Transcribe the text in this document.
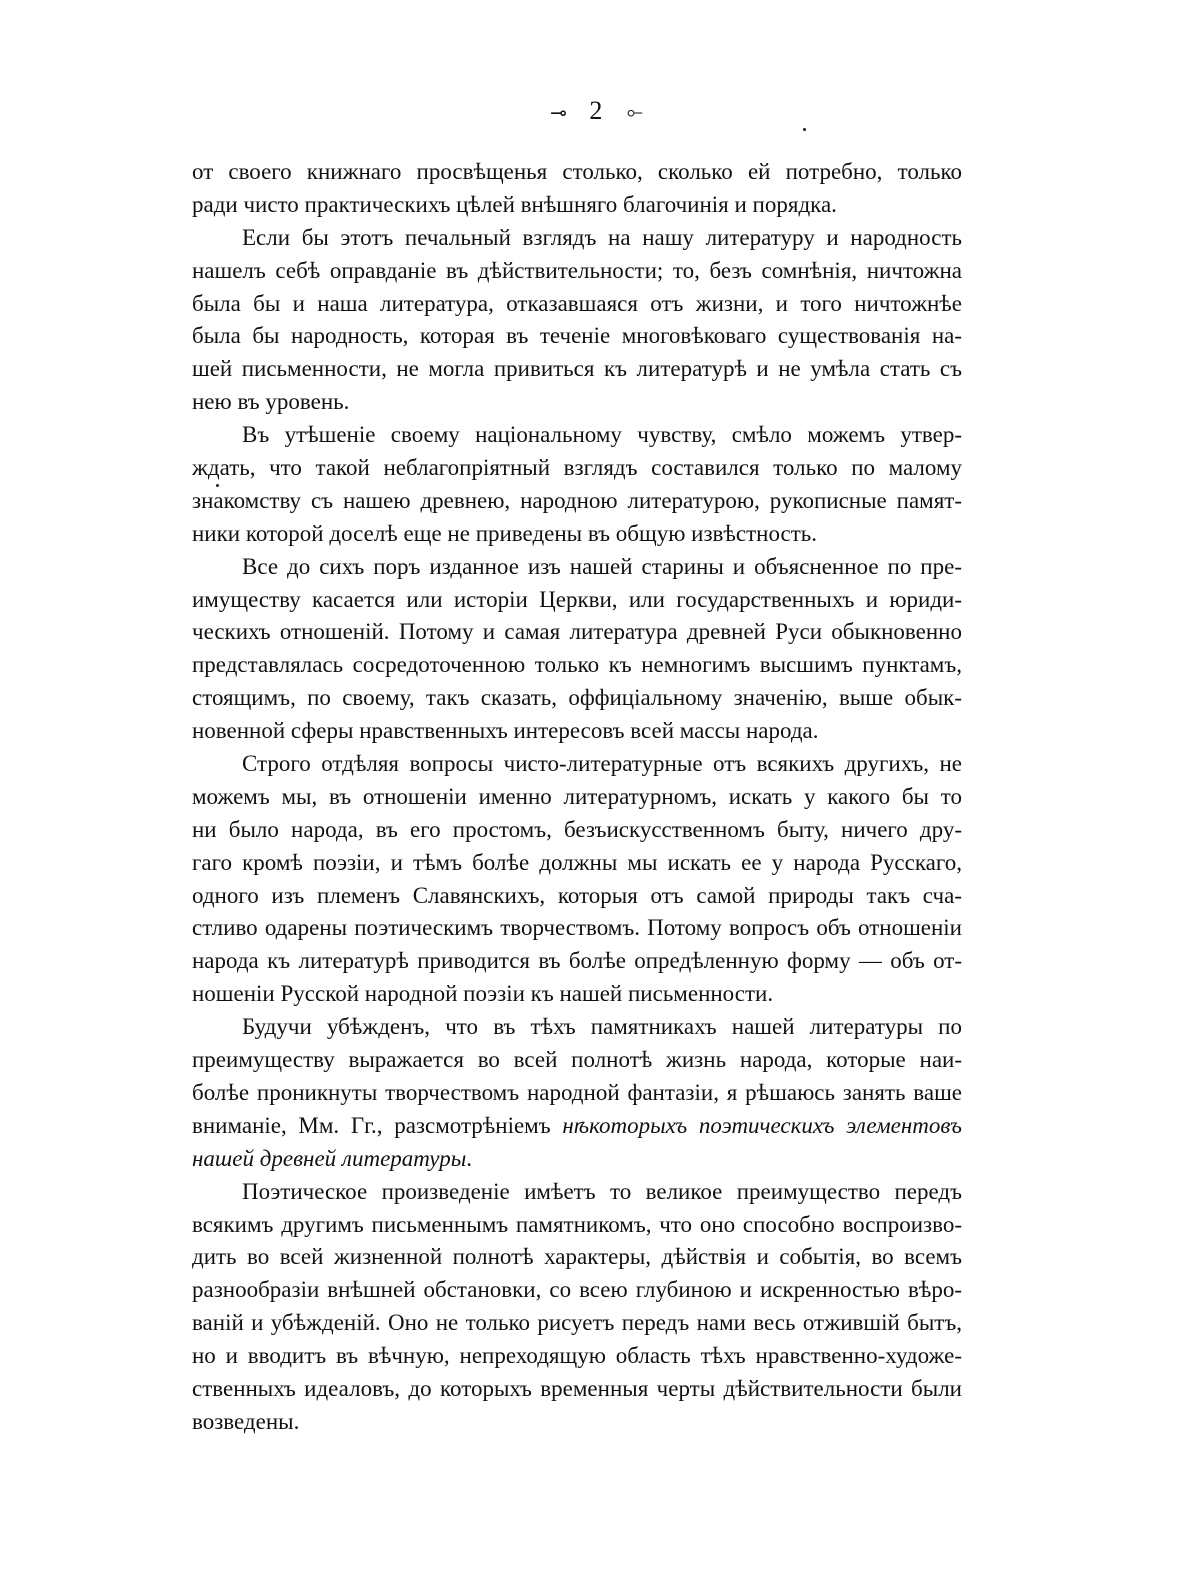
⊸ 2 ⟜
от своего книжнаго просвѣщенья столько, сколько ей потребно, только
ради чисто практическихъ цѣлей внѣшняго благочинія и порядка.
Если бы этотъ печальный взглядъ на нашу литературу и народность
нашелъ себѣ оправданіе въ дѣйствительности; то, безъ сомнѣнія, ничтожна
была бы и наша литература, отказавшаяся отъ жизни, и того ничтожнѣе
была бы народность, которая въ теченіе многовѣковаго существованія на-
шей письменности, не могла привиться къ литературѣ и не умѣла стать съ
нею въ уровень.
Въ утѣшеніе своему національному чувству, смѣло можемъ утвер-
ждать, что такой неблагопріятный взглядъ составился только по малому
знакомству съ нашею древнею, народною литературою, рукописные памят-
ники которой доселѣ еще не приведены въ общую извѣстность.
Все до сихъ поръ изданное изъ нашей старины и объясненное по пре-
имуществу касается или исторіи Церкви, или государственныхъ и юриди-
ческихъ отношеній. Потому и самая литература древней Руси обыкновенно
представлялась сосредоточенною только къ немногимъ высшимъ пунктамъ,
стоящимъ, по своему, такъ сказать, оффиціальному значенію, выше обык-
новенной сферы нравственныхъ интересовъ всей массы народа.
Строго отдѣляя вопросы чисто-литературные отъ всякихъ другихъ, не
можемъ мы, въ отношеніи именно литературномъ, искать у какого бы то
ни было народа, въ его простомъ, безъискусственномъ быту, ничего дру-
гаго кромѣ поэзіи, и тѣмъ болѣе должны мы искать ее у народа Русскаго,
одного изъ племенъ Славянскихъ, которыя отъ самой природы такъ сча-
стливо одарены поэтическимъ творчествомъ. Потому вопросъ объ отношеніи
народа къ литературѣ приводится въ болѣе опредѣленную форму — объ от-
ношеніи Русской народной поэзіи къ нашей письменности.
Будучи убѣжденъ, что въ тѣхъ памятникахъ нашей литературы по
преимуществу выражается во всей полнотѣ жизнь народа, которые наи-
болѣе проникнуты творчествомъ народной фантазіи, я рѣшаюсь занять ваше
вниманіе, Мм. Гг., разсмотрѣніемъ нѣкоторыхъ поэтическихъ элементовъ
нашей древней литературы.
Поэтическое произведеніе имѣетъ то великое преимущество передъ
всякимъ другимъ письменнымъ памятникомъ, что оно способно воспроизво-
дить во всей жизненной полнотѣ характеры, дѣйствія и событія, во всемъ
разнообразіи внѣшней обстановки, со всею глубиною и искренностью вѣро-
ваній и убѣжденій. Оно не только рисуетъ передъ нами весь отжившій бытъ,
но и вводитъ въ вѣчную, непреходящую область тѣхъ нравственно-художе-
ственныхъ идеаловъ, до которыхъ временныя черты дѣйствительности были
возведены.
